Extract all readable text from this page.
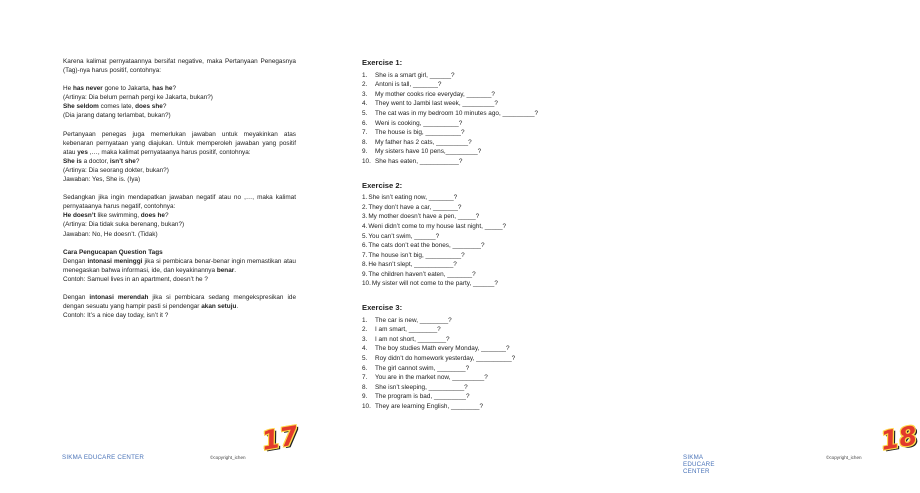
Karena kalimat pernyataannya bersifat negative, maka Pertanyaan Penegasnya (Tag)-nya harus positif, contohnya:

He has never gone to Jakarta, has he?

(Artinya: Dia belum pernah pergi ke Jakarta, bukan?)

She seldom comes late, does she?

(Dia jarang datang terlambat, bukan?)

Pertanyaan penegas juga memerlukan jawaban untuk meyakinkan atas kebenaran pernyataan yang diajukan. Untuk memperoleh jawaban yang positif atau yes ,…, maka kalimat pernyataanya harus positif, contohnya:

She is a doctor, isn’t she?

(Artinya: Dia seorang dokter, bukan?)

Jawaban: Yes, She is. (Iya)

Sedangkan jika ingin mendapatkan jawaban negatif atau no ,…, maka kalimat pernyataanya harus negatif, contohnya:

He doesn’t like swimming, does he?

(Artinya: Dia tidak suka berenang, bukan?)

Jawaban: No, He doesn’t. (Tidak)

Cara Pengucapan Question Tags

Dengan intonasi meninggi jika si pembicara benar-benar ingin memastikan atau menegaskan bahwa informasi, ide, dan keyakinannya benar.

Contoh: Samuel lives in an apartment, doesn’t he ?

Dengan intonasi merendah jika si pembicara sedang mengekspresikan ide dengan sesuatu yang hampir pasti si pendengar akan setuju.

Contoh: It’s a nice day today, isn’t it ?

SIKMA EDUCARE CENTER	©copyright_ichen
17
Exercise 1:
1. She is a smart girl, ______?
2. Antoni is tall, _______?
3. My mother cooks rice everyday, _______?
4. They went to Jambi last week, _________?
5. The cat was in my bedroom 10 minutes ago, _________?
6. Weni is cooking, __________?
7. The house is big, __________?
8. My father has 2 cats, _________?
9. My sisters have 10 pens,_________?
10. She has eaten, ___________?
Exercise 2:
1.She isn’t eating now, _______?
2.They don’t have a car, _______?
3.My mother doesn’t have a pen, _____?
4.Weni didn’t come to my house last night, _____?
5.You can’t swim, ______?
6.The cats don’t eat the bones, ________?
7.The house isn’t big, __________?
8.He hasn’t slept, ___________?
9.The children haven’t eaten, _______?
10.My sister will not come to the party, ______?
Exercise 3:
1. The car is new, ________?
2. I am smart, ________?
3. I am not short, ________?
4. The boy studies Math every Monday, _______?
5. Roy didn’t do homework yesterday, __________?
6. The girl cannot swim, ________?
7. You are in the market now, _________?
8. She isn’t sleeping, __________?
9. The program is bad, _________?
10. They are learning English, ________?
SIKMA EDUCARE CENTER
©copyright_ichen
18
